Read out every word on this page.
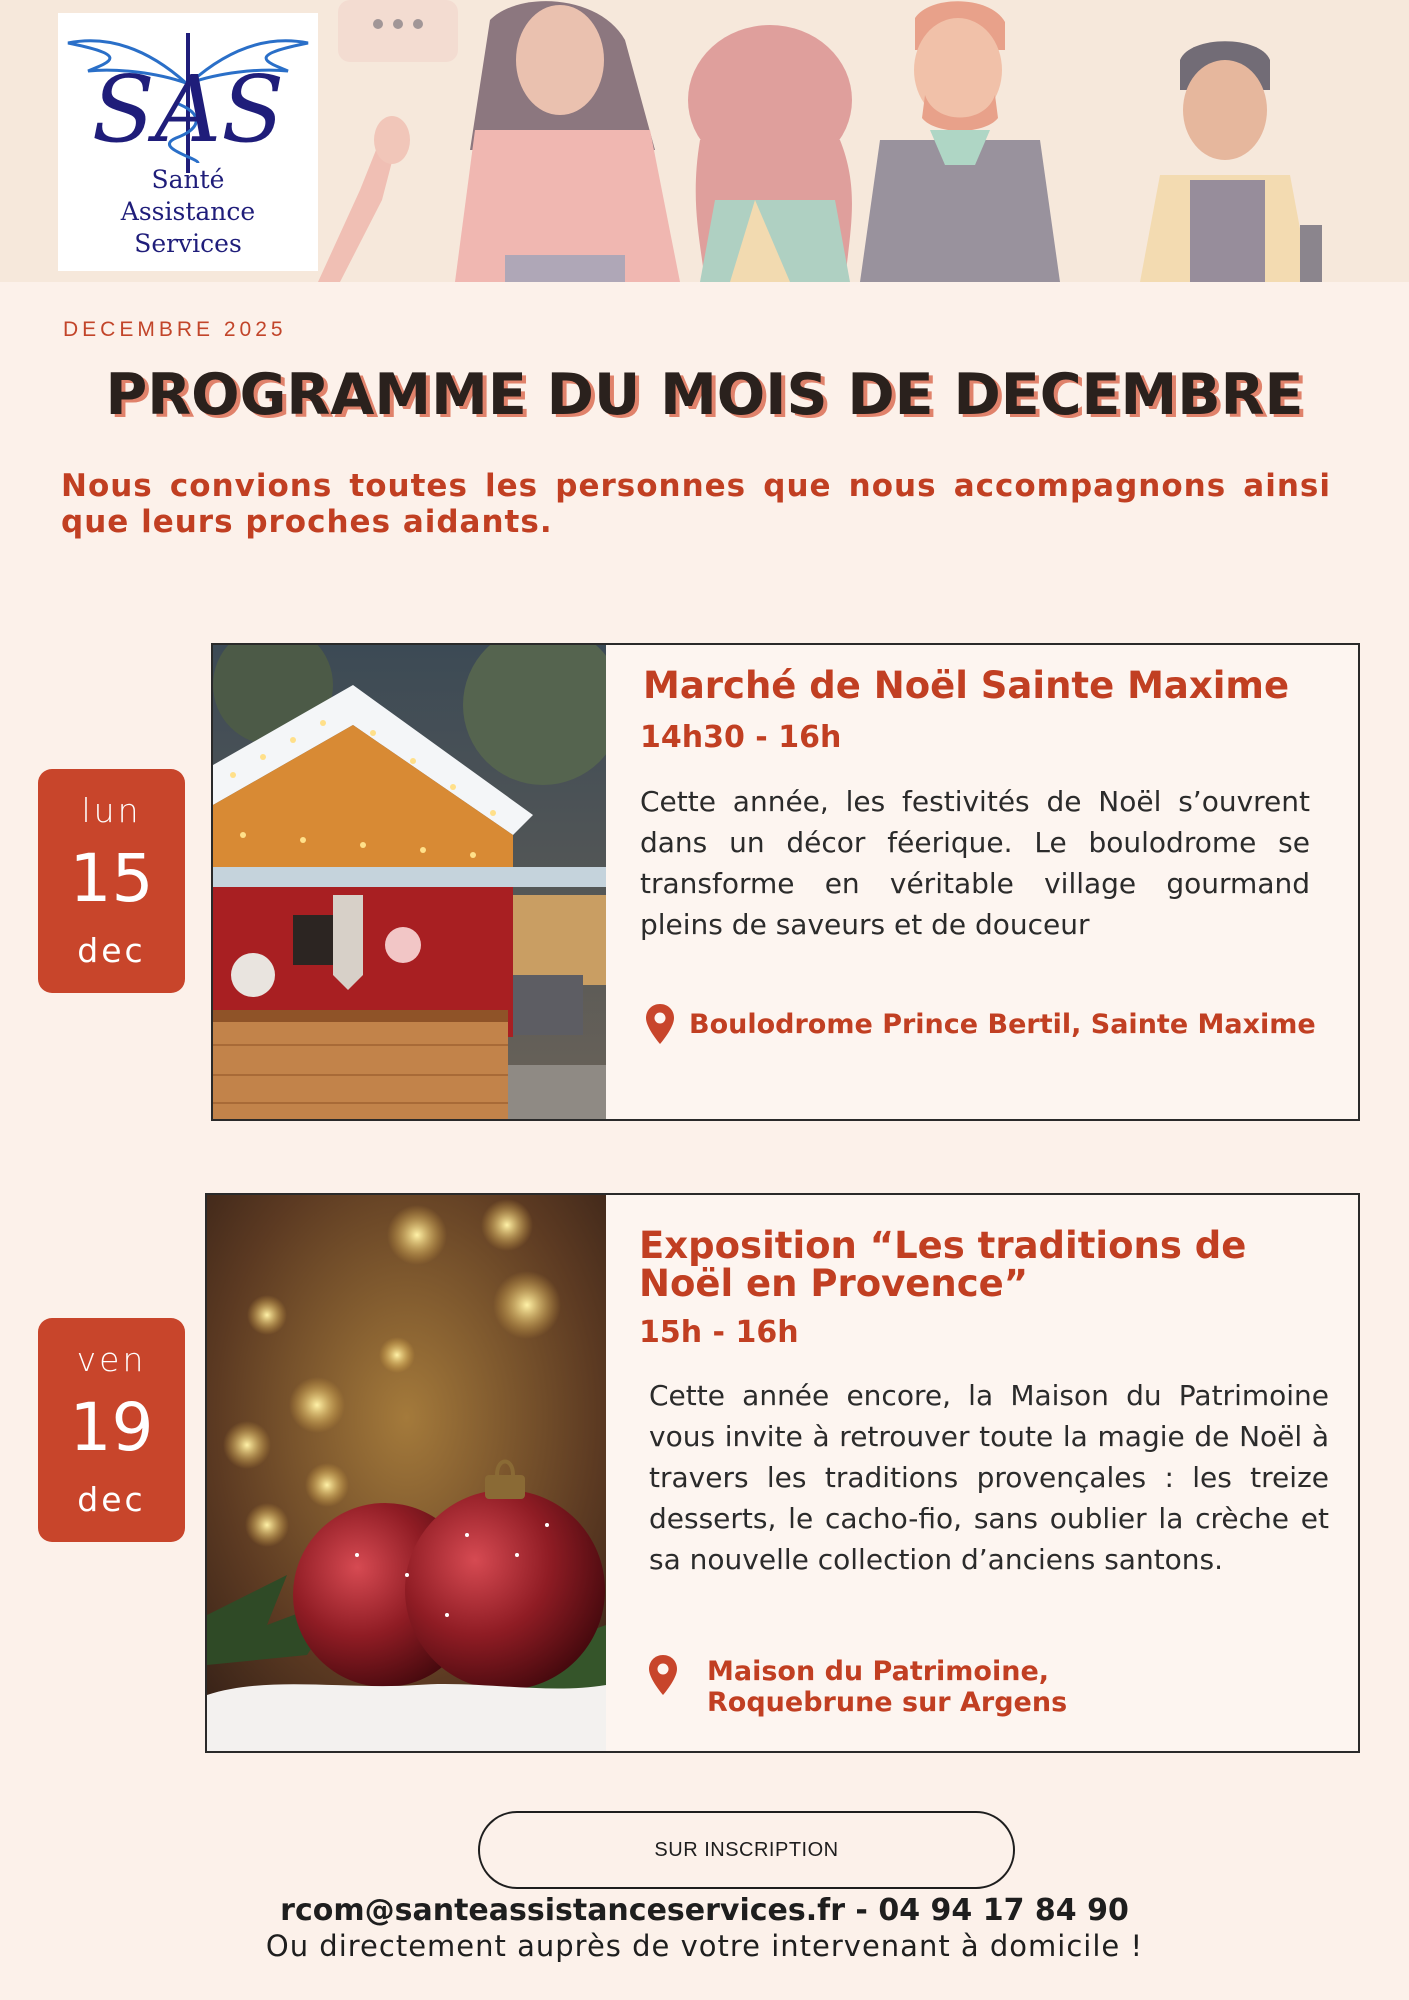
SAS
Santé
Assistance
Services
DECEMBRE 2025
PROGRAMME DU MOIS DE DECEMBRE
Nous convions toutes les personnes que nous accompagnons ainsi que leurs proches aidants.
lun
15
dec
Marché de Noël Sainte Maxime
14h30 - 16h
Cette année, les festivités de Noël s’ouvrent dans un décor féerique. Le boulodrome se transforme en véritable village gourmand pleins de saveurs et de douceur
Boulodrome Prince Bertil, Sainte Maxime
ven
19
dec
Exposition “Les traditions de Noël en Provence”
15h - 16h
Cette année encore, la Maison du Patrimoine vous invite à retrouver toute la magie de Noël à travers les traditions provençales : les treize desserts, le cacho-fio, sans oublier la crèche et sa nouvelle collection d’anciens santons.
Maison du Patrimoine,
Roquebrune sur Argens
SUR INSCRIPTION
rcom@santeassistanceservices.fr - 04 94 17 84 90
Ou directement auprès de votre intervenant à domicile !
